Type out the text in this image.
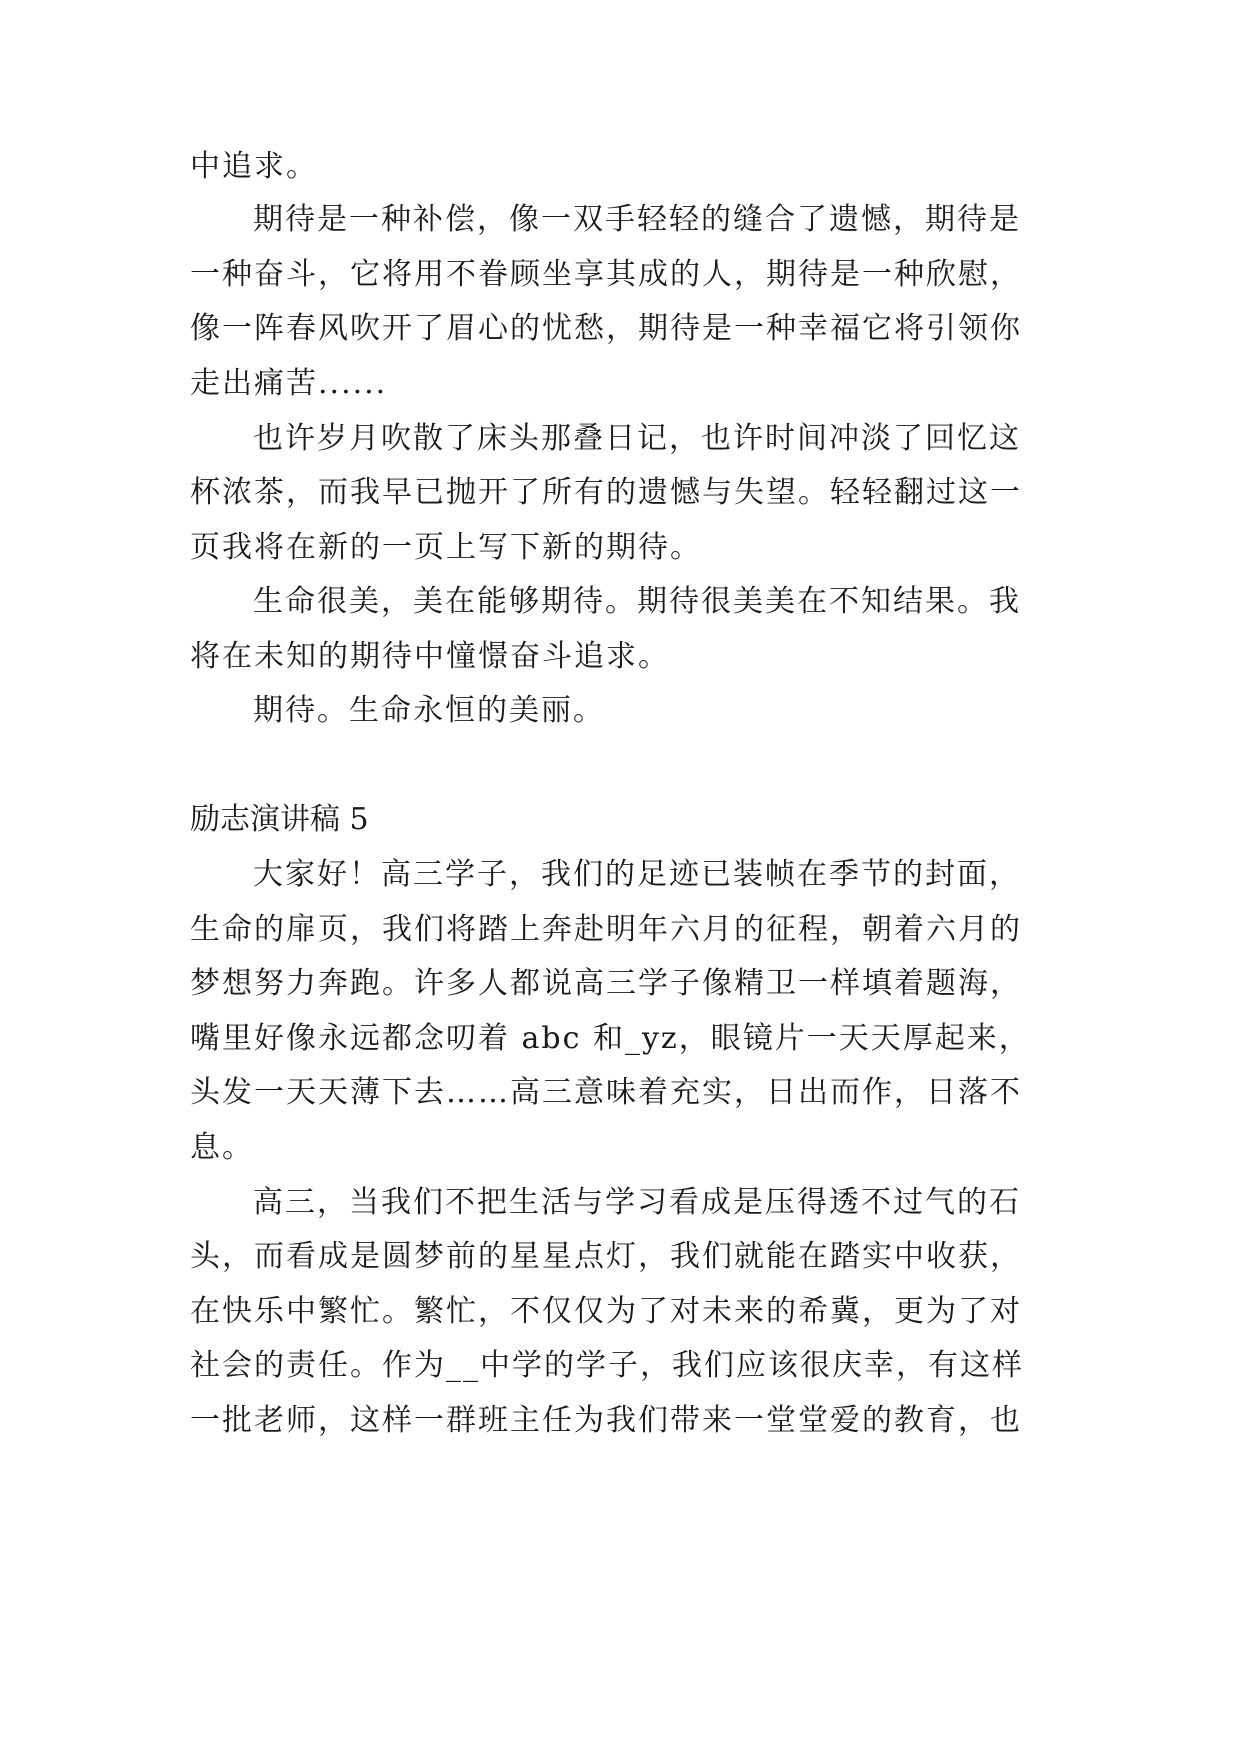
中追求。
期待是一种补偿，像一双手轻轻的缝合了遗憾，期待是
一种奋斗，它将用不眷顾坐享其成的人，期待是一种欣慰，
像一阵春风吹开了眉心的忧愁，期待是一种幸福它将引领你
走出痛苦......
也许岁月吹散了床头那叠日记，也许时间冲淡了回忆这
杯浓茶，而我早已抛开了所有的遗憾与失望。轻轻翻过这一
页我将在新的一页上写下新的期待。
生命很美，美在能够期待。期待很美美在不知结果。我
将在未知的期待中憧憬奋斗追求。
期待。生命永恒的美丽。
励志演讲稿 5
大家好！高三学子，我们的足迹已装帧在季节的封面，
生命的扉页，我们将踏上奔赴明年六月的征程，朝着六月的
梦想努力奔跑。许多人都说高三学子像精卫一样填着题海，
嘴里好像永远都念叨着 abc 和_yz，眼镜片一天天厚起来，
头发一天天薄下去……高三意味着充实，日出而作，日落不
息。
高三，当我们不把生活与学习看成是压得透不过气的石
头，而看成是圆梦前的星星点灯，我们就能在踏实中收获，
在快乐中繁忙。繁忙，不仅仅为了对未来的希冀，更为了对
社会的责任。作为__中学的学子，我们应该很庆幸，有这样
一批老师，这样一群班主任为我们带来一堂堂爱的教育，也
